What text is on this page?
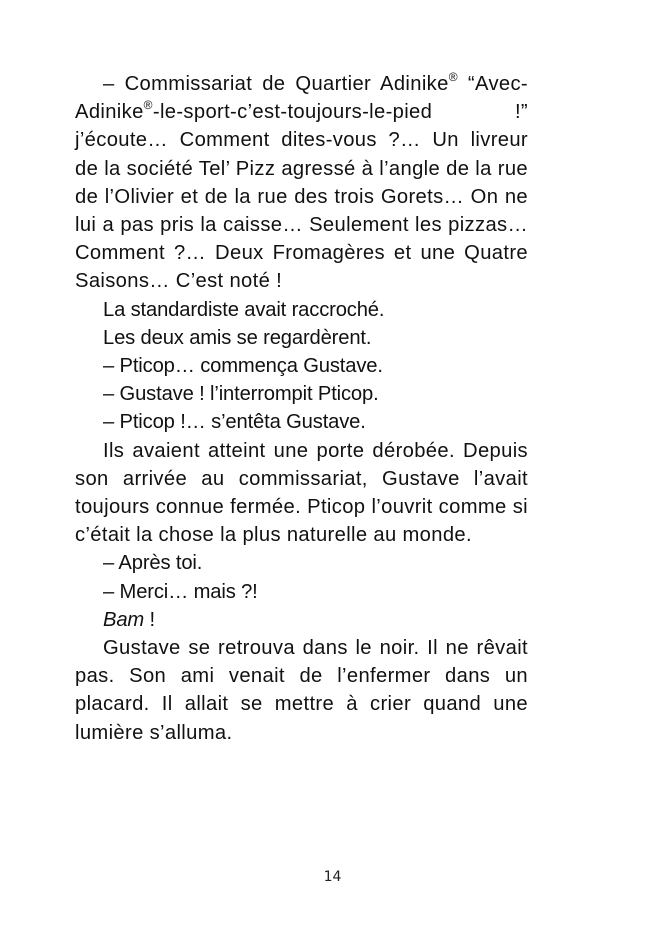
– Commissariat de Quartier Adinike® “Avec-Adinike®-le-sport-c’est-toujours-le-pied !” j’écoute… Comment dites-vous ?… Un livreur de la société Tel’ Pizz agressé à l’angle de la rue de l’Olivier et de la rue des trois Gorets… On ne lui a pas pris la caisse… Seulement les pizzas… Comment ?… Deux Fromagères et une Quatre Saisons… C’est noté !

La standardiste avait raccroché.

Les deux amis se regardèrent.

– Pticop… commença Gustave.

– Gustave ! l’interrompit Pticop.

– Pticop !… s’entêta Gustave.

Ils avaient atteint une porte dérobée. Depuis son arrivée au commissariat, Gustave l’avait toujours connue fermée. Pticop l’ouvrit comme si c’était la chose la plus naturelle au monde.

– Après toi.

– Merci… mais ?!

Bam !

Gustave se retrouva dans le noir. Il ne rêvait pas. Son ami venait de l’enfermer dans un placard. Il allait se mettre à crier quand une lumière s’alluma.

14
